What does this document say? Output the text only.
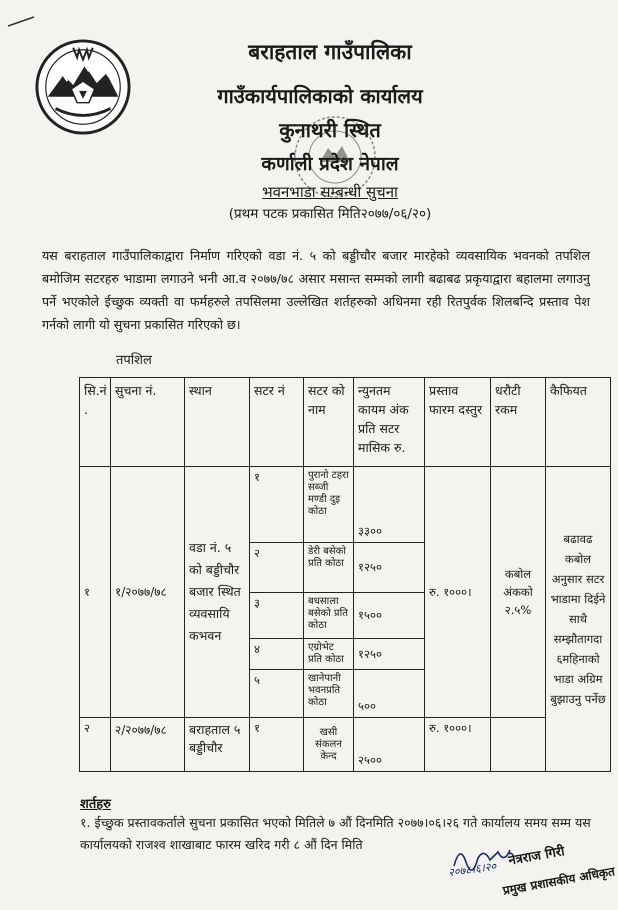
बराहताल गाउँपालिका
गाउँकार्यपालिकाको कार्यालय
कुनाथरी स्थित
कर्णाली प्रदेश नेपाल
भवनभाडा सम्बन्धी सुचना
(प्रथम पटक प्रकासित मिति२०७७/०६/२०)
यस बराहताल गाउँपालिकाद्वारा निर्माण गरिएको वडा नं. ५ को बड्डीचौर बजार मारहेको व्यवसायिक भवनको तपशिल बमोजिम सटरहरु भाडामा लगाउने भनी आ.व २०७७/७८ असार मसान्त सम्मको लागी बढाबढ प्रकृयाद्वारा बहालमा लगाउनु पर्ने भएकोले ईच्छुक व्यक्ती वा फर्महरुले तपसिलमा उल्लेखित शर्तहरुको अधिनमा रही रितपुर्वक शिलबन्दि प्रस्ताव पेश गर्नको लागी यो सुचना प्रकासित गरिएको छ।
तपशिल
सि.नं .	सुचना नं.	स्थान	सटर नं	सटर को नाम	न्युनतम कायम अंक प्रति सटर मासिक रु.	प्रस्ताव फारम दस्तुर	धरौटी रकम	कैफियत
१	१/२०७७/७८	वडा नं. ५ को बड्डीचौर बजार स्थित व्यवसायि कभवन	१	पुरानो टहरा सब्जी मण्डी दुइ कोठा	३३००	रु. १०००।	कबोल अंकको २.५%	बढावढ कबोल अनुसार सटर भाडामा दिईने साथै सम्झौतागदा ६महिनाको भाडा अग्रिम बुझाउनु पर्नेछ
			२	डेरी बसेको प्रति कोठा	१२५०			
			३	बधसाला बसेको प्रति कोठा	१५००			
			४	एग्रोभेट प्रति कोठा	१२५०			
			५	खानेपानी भवनप्रति कोठा	५००			
२	२/२०७७/७८	बराहताल ५ बड्डीचौर	१	खसी संकलन केन्द	२५००	रु. १०००।		
शर्तहरु
१. ईच्छुक प्रस्तावकर्ताले सुचना प्रकासित भएको मितिले ७ औं दिनमिति २०७७।०६।२६ गते कार्यालय समय सम्म यस कार्यालयको राजश्व शाखाबाट फारम खरिद गरी ८ औं दिन मिति
२०७८।६।२०
नेत्रराज गिरी
प्रमुख प्रशासकीय अधिकृत
